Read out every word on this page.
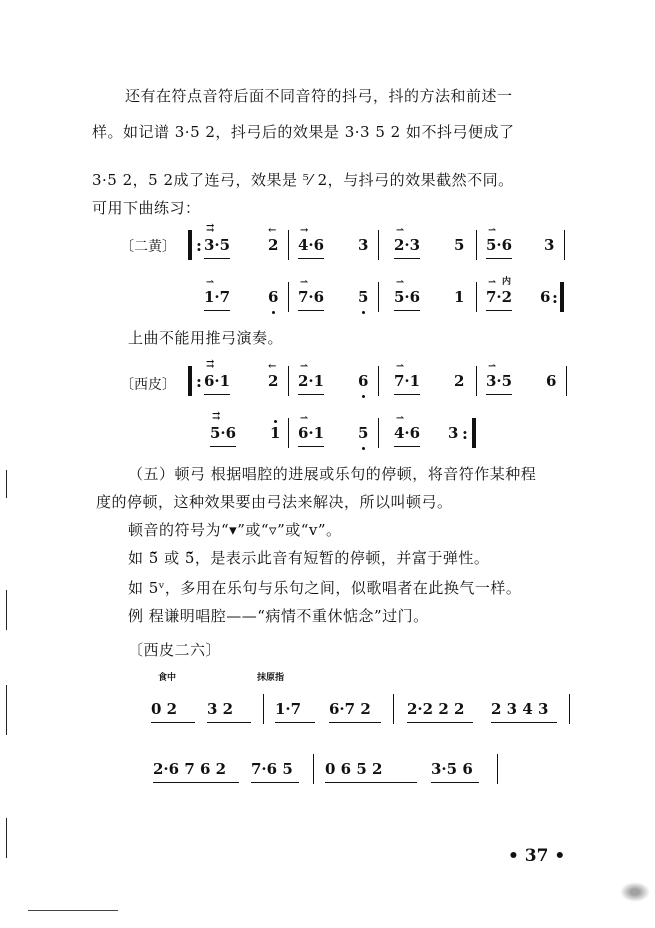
还有在符点音符后面不同音符的抖弓，抖的方法和前述一
样。如记谱 3·5 2，抖弓后的效果是 3·3 5 2 如不抖弓便成了
3·5 2，5 2成了连弓，效果是 ⁵⁄ 2，与抖弓的效果截然不同。
可用下曲练习：
〔二黄〕 : 3·5
⇉
2
←
4·6
→
3 2·3
⇀
5 5·6
⇀
3
1·7
⇀
6 7·6
⇀
5 5·6
⇀
1 7·2
内
⇀
6 :
上曲不能用推弓演奏。
〔西皮〕 : 6·1
⇉
2
←
2·1
⇀
6 7·1
⇀
2 3·5
⇀
6
5·6
⇉
1 6·1
⇀
5 4·6
⇀
3 :
（五）顿弓 根据唱腔的进展或乐句的停顿，将音符作某种程
度的停顿，这种效果要由弓法来解决，所以叫顿弓。
顿音的符号为“▾”或“▿”或“v”。
如 5̌ 或 5̌，是表示此音有短暂的停顿，并富于弹性。
如 5ᵛ，多用在乐句与乐句之间，似歌唱者在此换气一样。
例 程谦明唱腔——“病情不重休惦念”过门。
〔西皮二六〕
食中	抹原指
0 2 3 2	1·7 6·7 2 2·2 2 2 2 3 4 3
2·6 7 6 2 7·6 5 0 6 5 2	3·5 6
• 37 •
